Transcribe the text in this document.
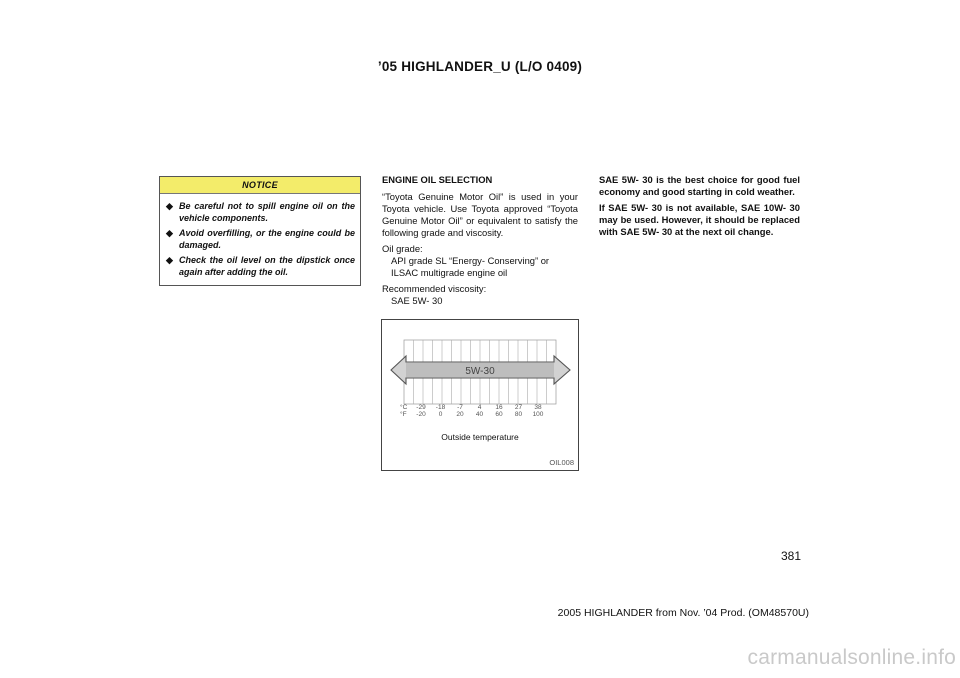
’05 HIGHLANDER_U (L/O 0409)
NOTICE
◆ Be careful not to spill engine oil on the vehicle components.
◆ Avoid overfilling, or the engine could be damaged.
◆ Check the oil level on the dipstick once again after adding the oil.

ENGINE OIL SELECTION

“Toyota Genuine Motor Oil” is used in your Toyota vehicle. Use Toyota approved “Toyota Genuine Motor Oil” or equivalent to satisfy the following grade and viscosity.

Oil grade:

API grade SL “Energy- Conserving” or ILSAC multigrade engine oil

Recommended viscosity:

SAE 5W- 30

5W-30
°C
°F
-29 -18 -7 4 16 27 38
-20 0 20 40 60 80 100
Outside temperature
OIL008

SAE 5W- 30 is the best choice for good fuel economy and good starting in cold weather.

If SAE 5W- 30 is not available, SAE 10W- 30 may be used. However, it should be replaced with SAE 5W- 30 at the next oil change.

381
2005 HIGHLANDER from Nov. ’04 Prod. (OM48570U)
carmanualsonline.info
